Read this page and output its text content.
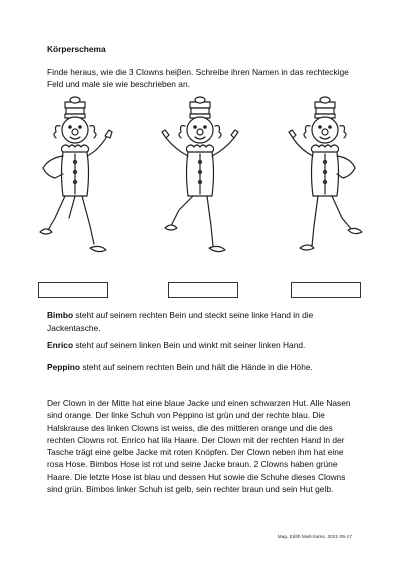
Körperschema

Finde heraus, wie die 3 Clowns heiβen. Schreibe ihren Namen in das rechteckige Feld und male sie wie beschrieben an.

Bimbo steht auf seinem rechten Bein und steckt seine linke Hand in die Jackentasche.

Enrico steht auf seinem linken Bein und winkt mit seiner linken Hand.

Peppino steht auf seinem rechten Bein und hält die Hände in die Höhe.

Der Clown in der Mitte hat eine blaue Jacke und einen schwarzen Hut. Alle Nasen sind orange. Der linke Schuh von Peppino ist grün und der rechte blau. Die Halskrause des linken Clowns ist weiss, die des mittleren orange und die des rechten Clowns rot. Enrico hat lila Haare. Der Clown mit der rechten Hand in der Tasche trägt eine gelbe Jacke mit roten Knöpfen. Der Clown neben ihm hat eine rosa Hose. Bimbos Hose ist rot und seine Jacke braun. 2 Clowns haben grüne Haare. Die letzte Hose ist blau und dessen Hut sowie die Schuhe dieses Clowns sind grün. Bimbos linker Schuh ist gelb, sein rechter braun und sein Hut gelb.

Mag. Edith Malt-Sams, 2021-05-17
